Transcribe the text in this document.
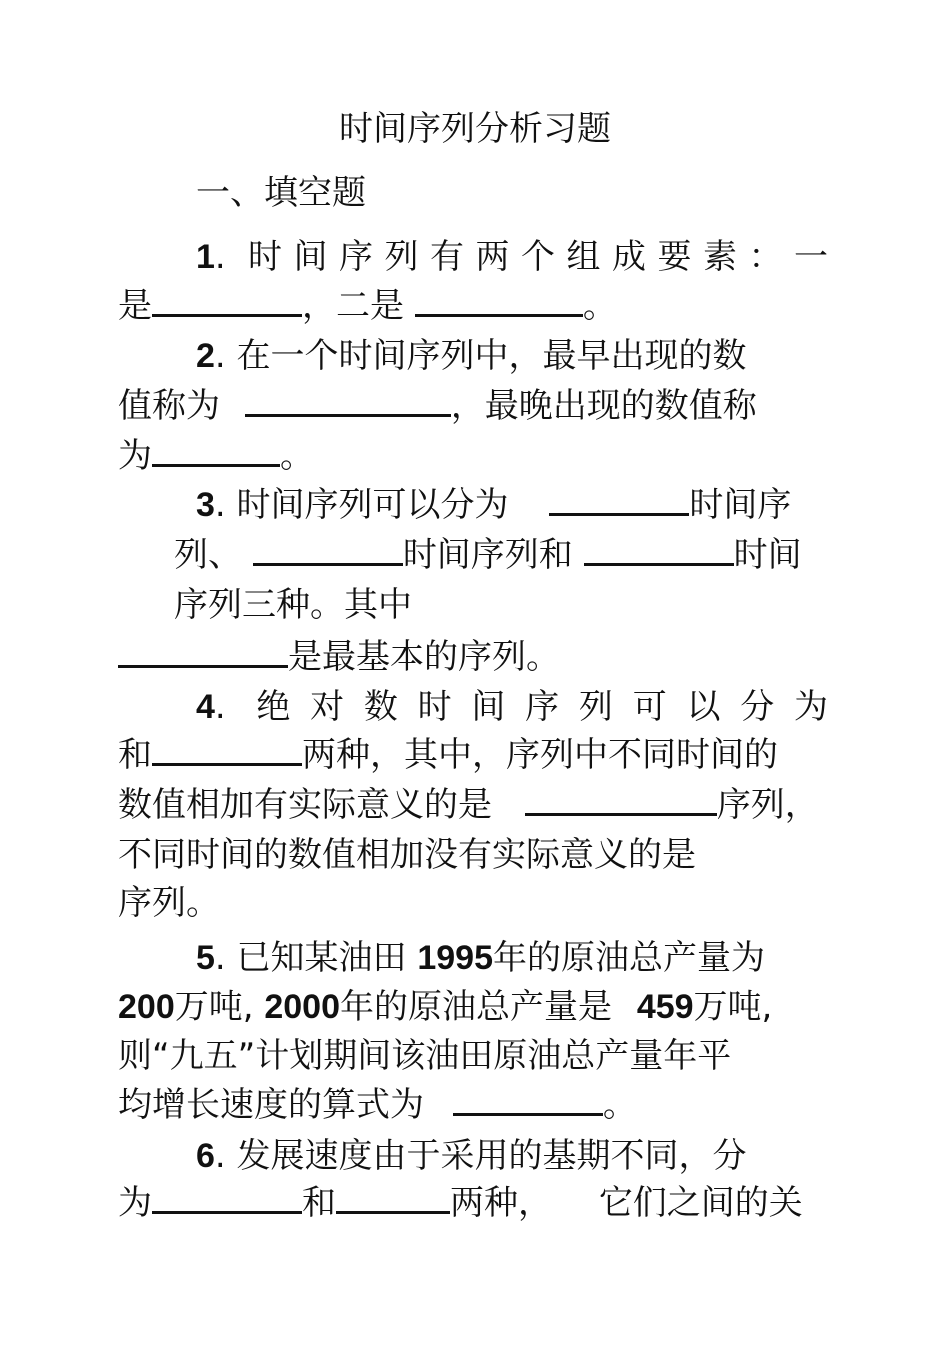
时间序列分析习题
一、填空题
1. 时间序列有两个组成要素：一
是	，二是	。
2. 在一个时间序列中，最早出现的数
值称为	，最晚出现的数值称
为	。
3. 时间序列可以分为	时间序
列、	时间序列和	时间
序列三种。其中
是最基本的序列。
4. 绝对数时间序列可以分为
和	两种，其中，序列中不同时间的
数值相加有实际意义的是	序列，
不同时间的数值相加没有实际意义的是
序列。
5. 已知某油田 1995年的原油总产量为
200万吨, 2000年的原油总产量是 459万吨,
则“九五”计划期间该油田原油总产量年平
均增长速度的算式为	。
6. 发展速度由于采用的基期不同，分
为	和	两种， 它们之间的关
